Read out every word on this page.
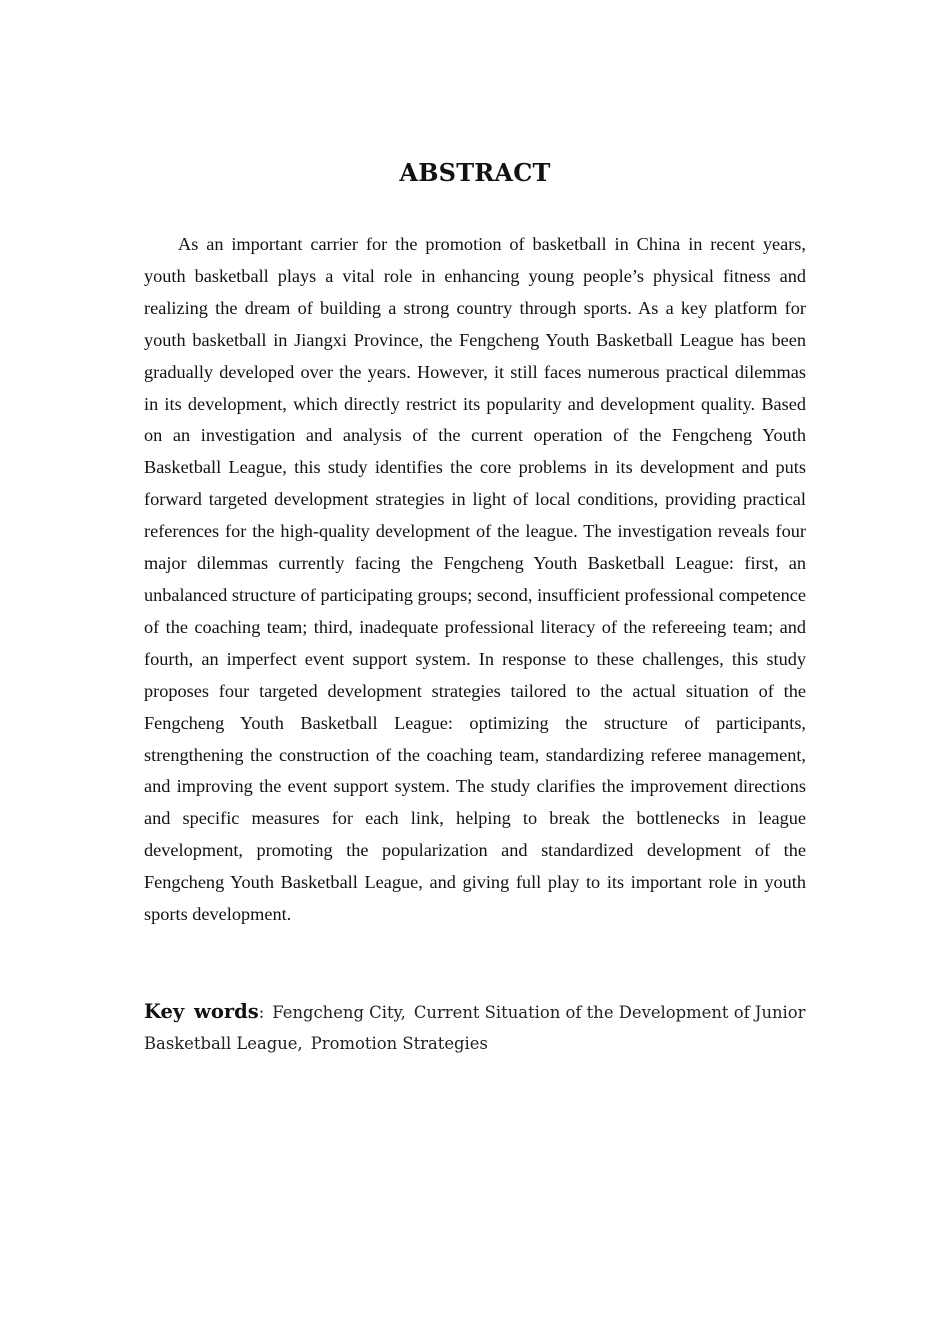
ABSTRACT

As an important carrier for the promotion of basketball in China in recent years, youth basketball plays a vital role in enhancing young people’s physical fitness and realizing the dream of building a strong country through sports. As a key platform for youth basketball in Jiangxi Province, the Fengcheng Youth Basketball League has been gradually developed over the years. However, it still faces numerous practical dilemmas in its development, which directly restrict its popularity and development quality. Based on an investigation and analysis of the current operation of the Fengcheng Youth Basketball League, this study identifies the core problems in its development and puts forward targeted development strategies in light of local conditions, providing practical references for the high-quality development of the league. The investigation reveals four major dilemmas currently facing the Fengcheng Youth Basketball League: first, an unbalanced structure of participating groups; second, insufficient professional competence of the coaching team; third, inadequate professional literacy of the refereeing team; and fourth, an imperfect event support system. In response to these challenges, this study proposes four targeted development strategies tailored to the actual situation of the Fengcheng Youth Basketball League: optimizing the structure of participants, strengthening the construction of the coaching team, standardizing referee management, and improving the event support system. The study clarifies the improvement directions and specific measures for each link, helping to break the bottlenecks in league development, promoting the popularization and standardized development of the Fengcheng Youth Basketball League, and giving full play to its important role in youth sports development.

Key words: Fengcheng City, Current Situation of the Development of Junior Basketball League, Promotion Strategies
